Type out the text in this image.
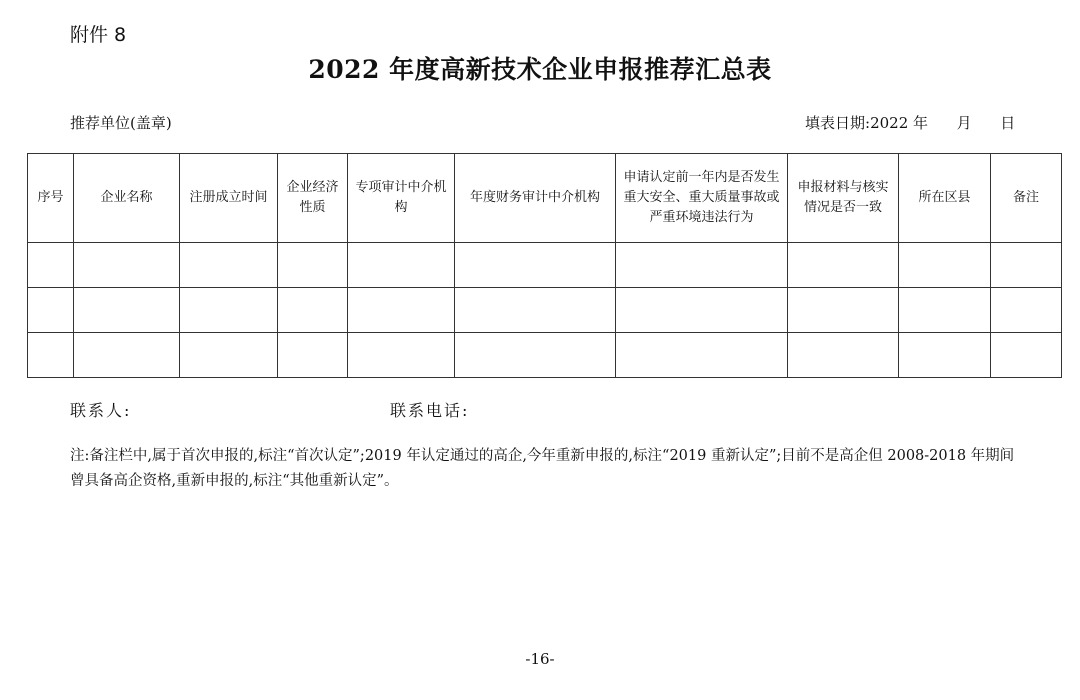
附件 8
2022 年度高新技术企业申报推荐汇总表
推荐单位(盖章)	填表日期:2022 年 月 日
序号	企业名称	注册成立时间	企业经济性质	专项审计中介机构	年度财务审计中介机构	申请认定前一年内是否发生重大安全、重大质量事故或严重环境违法行为	申报材料与核实情况是否一致	所在区县	备注

联系人:	联系电话:
注:备注栏中,属于首次申报的,标注“首次认定”;2019 年认定通过的高企,今年重新申报的,标注“2019 重新认定”;目前不是高企但 2008-2018 年期间曾具备高企资格,重新申报的,标注“其他重新认定”。
-16-
